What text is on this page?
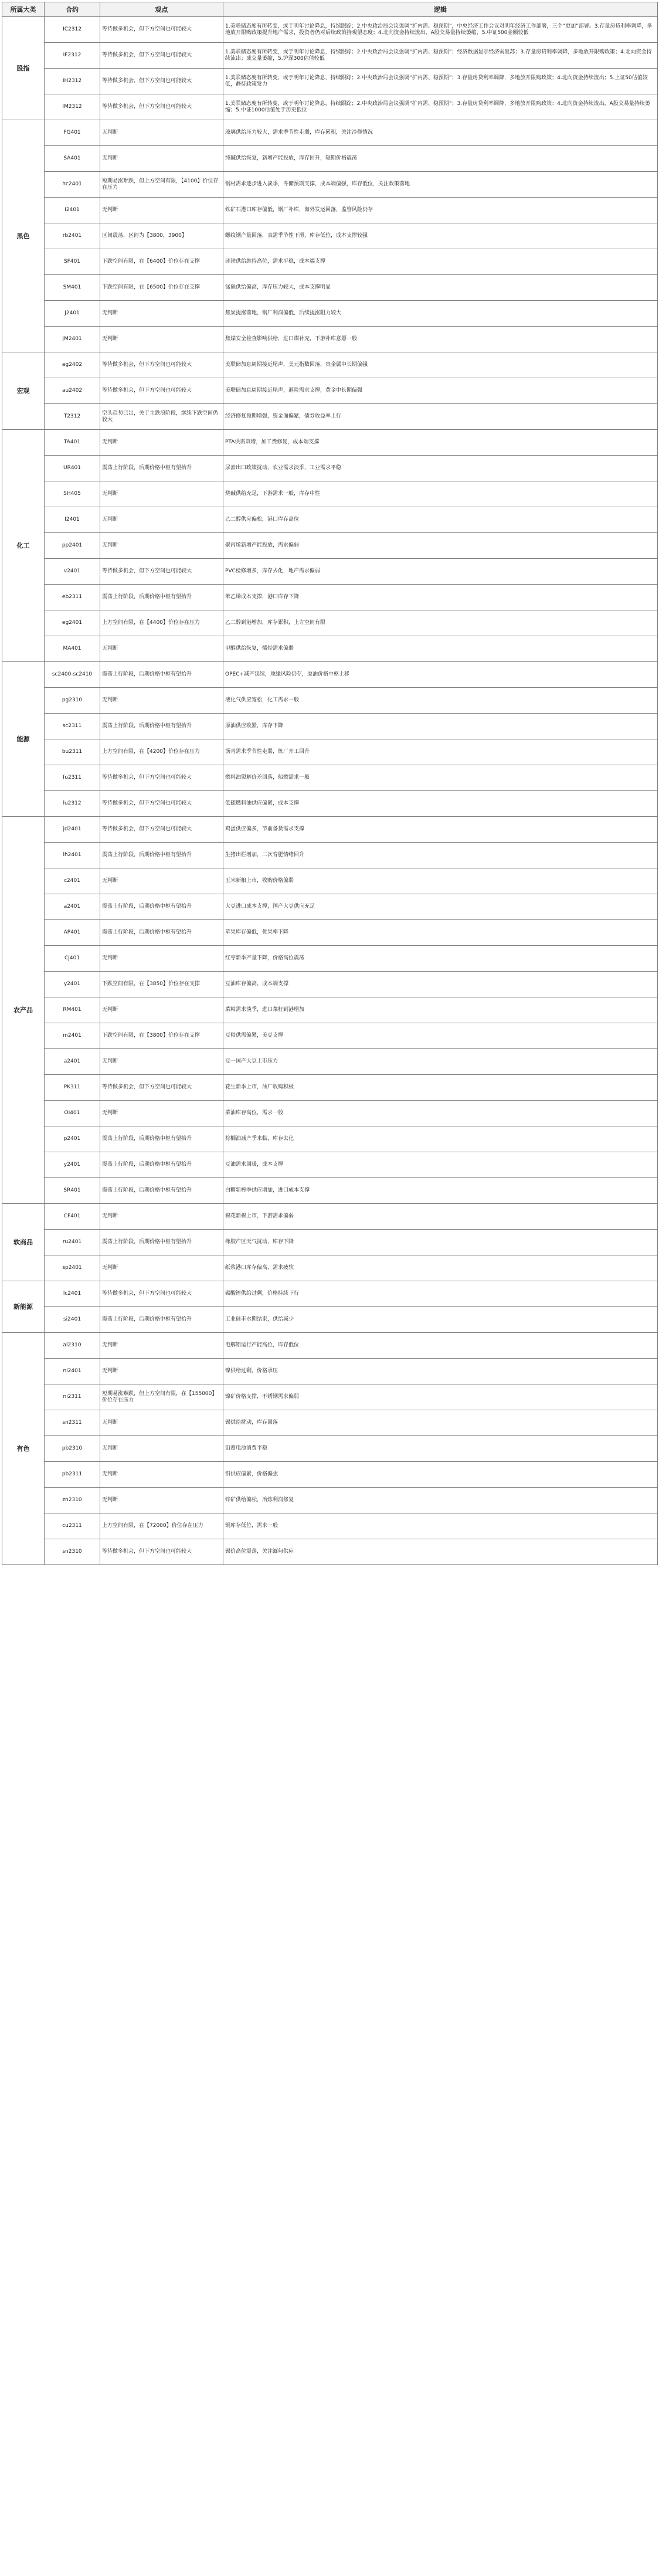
所属大类	合约	观点	逻辑
股指	IC2312	等待做多机会，但下方空间也可能较大	1.美联储态度有所转变，或于明年讨论降息，持续跟踪；2.中央政治局会议强调“扩内需、稳预期”，中央经济工作会议对明年经济工作部署，三个“更加”部署。3.存量房贷利率调降，多地放开限购政策提升地产需求，投资者仍对后续政策持观望态度；4.北向资金持续流出，A股交易量持续萎缩，5.中证500金额较低
	IF2312	等待做多机会，但下方空间也可能较大	1.美联储态度有所转变，或于明年讨论降息，持续跟踪；2.中央政治局会议强调“扩内需、稳预期”；经济数据显示经济弱复苏；3.存量房贷利率调降，多地放开限购政策；4.北向资金持续流出；成交量萎缩，5.沪深300估值较低
	IH2312	等待做多机会，但下方空间也可能较大	1.美联储态度有所转变，或于明年讨论降息，持续跟踪；2.中央政治局会议强调“扩内需、稳预期”；3.存量房贷利率调降，多地放开限购政策；4.北向资金持续流出；5.上证50估值较低，静待政策发力
	IM2312	等待做多机会，但下方空间也可能较大	1.美联储态度有所转变，或于明年讨论降息，持续跟踪；2.中央政治局会议强调“扩内需、稳预期”；3.存量房贷利率调降，多地放开限购政策；4.北向资金持续流出，A股交易量持续萎缩；5.中证1000估值处于历史低位
黑色	FG401	无判断	玻璃供给压力较大，需求季节性走弱，库存累积，关注冷修情况
	SA401	无判断	纯碱供给恢复，新增产能投放，库存回升，短期价格震荡
	hc2401	短期易涨难跌，但上方空间有限，【4100】价位存在压力	钢材需求逐步进入淡季，冬储预期支撑，成本端偏强，库存低位，关注政策落地
	I2401	无判断	铁矿石港口库存偏低，钢厂补库，海外发运回落，监管风险仍存
	rb2401	区间震荡，区间为【3800，3900】	螺纹钢产量回落，表需季节性下滑，库存低位，成本支撑较强
	SF401	下跌空间有限，在【6400】价位存在支撑	硅铁供给维持高位，需求平稳，成本端支撑
	SM401	下跌空间有限，在【6500】价位存在支撑	锰硅供给偏高，库存压力较大，成本支撑明显
	J2401	无判断	焦炭提涨落地，钢厂利润偏低，后续提涨阻力较大
	JM2401	无判断	焦煤安全检查影响供给，进口煤补充，下游补库意愿一般
宏观	ag2402	等待做多机会，但下方空间也可能较大	美联储加息周期接近尾声，美元指数回落，贵金属中长期偏强
	au2402	等待做多机会，但下方空间也可能较大	美联储加息周期接近尾声，避险需求支撑，黄金中长期偏强
	T2312	空头趋势已出，关于主跌浪阶段，继续下跌空间仍较大	经济修复预期增强，资金面偏紧，债券收益率上行
化工	TA401	无判断	PTA供需双增，加工费修复，成本端支撑
	UR401	震荡上行阶段，后期价格中枢有望抬升	尿素出口政策扰动，农业需求淡季，工业需求平稳
	SH405	无判断	烧碱供给充足，下游需求一般，库存中性
	I2401	无判断	乙二醇供应偏松，港口库存高位
	pp2401	无判断	聚丙烯新增产能投放，需求偏弱
	v2401	等待做多机会，但下方空间也可能较大	PVC检修增多，库存去化，地产需求偏弱
	eb2311	震荡上行阶段，后期价格中枢有望抬升	苯乙烯成本支撑，港口库存下降
	eg2401	上方空间有限，在【4400】价位存在压力	乙二醇到港增加，库存累积，上方空间有限
	MA401	无判断	甲醇供给恢复，烯烃需求偏弱
能源	sc2400-sc2410	震荡上行阶段，后期价格中枢有望抬升	OPEC+减产延续，地缘风险仍存，原油价格中枢上移
	pg2310	无判断	液化气供应宽松，化工需求一般
	sc2311	震荡上行阶段，后期价格中枢有望抬升	原油供应收紧，库存下降
	bu2311	上方空间有限，在【4200】价位存在压力	沥青需求季节性走弱，炼厂开工回升
	fu2311	等待做多机会，但下方空间也可能较大	燃料油裂解价差回落，船燃需求一般
	lu2312	等待做多机会，但下方空间也可能较大	低硫燃料油供应偏紧，成本支撑
农产品	jd2401	等待做多机会，但下方空间也可能较大	鸡蛋供应偏多，节前备货需求支撑
	lh2401	震荡上行阶段，后期价格中枢有望抬升	生猪出栏增加，二次育肥情绪回升
	c2401	无判断	玉米新粮上市，收购价格偏弱
	a2401	震荡上行阶段，后期价格中枢有望抬升	大豆进口成本支撑，国产大豆供应充足
	AP401	震荡上行阶段，后期价格中枢有望抬升	苹果库存偏低，优果率下降
	CJ401	无判断	红枣新季产量下降，价格高位震荡
	y2401	下跌空间有限，在【3850】价位存在支撑	豆油库存偏高，成本端支撑
	RM401	无判断	菜粕需求淡季，进口菜籽到港增加
	m2401	下跌空间有限，在【3800】价位存在支撑	豆粕供需偏紧，美豆支撑
	a2401	无判断	豆一国产大豆上市压力
	PK311	等待做多机会，但下方空间也可能较大	花生新季上市，油厂收购积极
	OI401	无判断	菜油库存高位，需求一般
	p2401	震荡上行阶段，后期价格中枢有望抬升	棕榈油减产季来临，库存去化
	y2401	震荡上行阶段，后期价格中枢有望抬升	豆油需求回暖，成本支撑
	SR401	震荡上行阶段，后期价格中枢有望抬升	白糖新榨季供应增加，进口成本支撑
软商品	CF401	无判断	棉花新棉上市，下游需求偏弱
	ru2401	震荡上行阶段，后期价格中枢有望抬升	橡胶产区天气扰动，库存下降
	sp2401	无判断	纸浆港口库存偏高，需求疲软
新能源	lc2401	等待做多机会，但下方空间也可能较大	碳酸锂供给过剩，价格持续下行
	si2401	震荡上行阶段，后期价格中枢有望抬升	工业硅丰水期结束，供给减少
有色	al2310	无判断	电解铝运行产能高位，库存低位
	ni2401	无判断	镍供给过剩，价格承压
	ni2311	短期易涨难跌，但上方空间有限，在【155000】价位存在压力	镍矿价格支撑，不锈钢需求偏弱
	sn2311	无判断	锡供给扰动，库存回落
	pb2310	无判断	铅蓄电池消费平稳
	pb2311	无判断	铅供应偏紧，价格偏强
	zn2310	无判断	锌矿供给偏松，冶炼利润修复
	cu2311	上方空间有限，在【72000】价位存在压力	铜库存低位，需求一般
	sn2310	等待做多机会，但下方空间也可能较大	锡价高位震荡，关注缅甸供应
